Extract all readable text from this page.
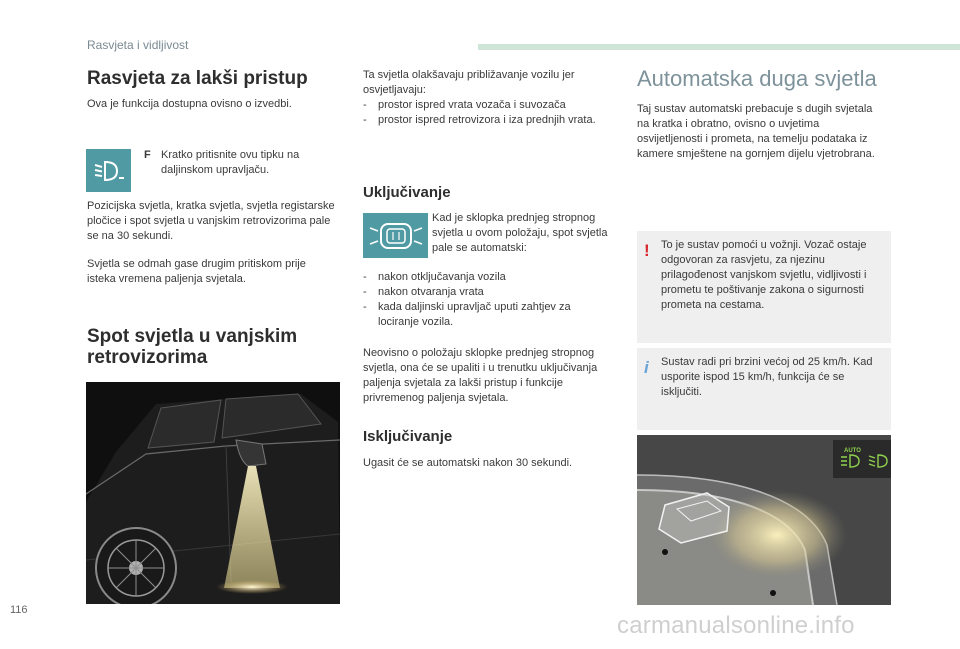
Rasvjeta i vidljivost
Rasvjeta za lakši pristup

Ova je funkcija dostupna ovisno o izvedbi.

F Kratko pritisnite ovu tipku na daljinskom upravljaču.

Pozicijska svjetla, kratka svjetla, svjetla registarske pločice i spot svjetla u vanjskim retrovizorima pale se na 30 sekundi.

Svjetla se odmah gase drugim pritiskom prije isteka vremena paljenja svjetala.

Spot svjetla u vanjskim retrovizorima

Ta svjetla olakšavaju približavanje vozilu jer osvjetljavaju:

- prostor ispred vrata vozača i suvozača
- prostor ispred retrovizora i iza prednjih vrata.
Uključivanje

Kad je sklopka prednjeg stropnog svjetla u ovom položaju, spot svjetla pale se automatski:

- nakon otključavanja vozila
- nakon otvaranja vrata
- kada daljinski upravljač uputi zahtjev za lociranje vozila.

Neovisno o položaju sklopke prednjeg stropnog svjetla, ona će se upaliti i u trenutku uključivanja paljenja svjetala za lakši pristup i funkcije privremenog paljenja svjetala.

Isključivanje

Ugasit će se automatski nakon 30 sekundi.

Automatska duga svjetla

Taj sustav automatski prebacuje s dugih svjetala na kratka i obratno, ovisno o uvjetima osvijetljenosti i prometa, na temelju podataka iz kamere smještene na gornjem dijelu vjetrobrana.

!	To je sustav pomoći u vožnji. Vozač ostaje odgovoran za rasvjetu, za njezinu prilagođenost vanjskom svjetlu, vidljivosti i prometu te poštivanje zakona o sigurnosti prometa na cestama.

i	Sustav radi pri brzini većoj od 25 km/h. Kad usporite ispod 15 km/h, funkcija će se isključiti.

AUTO
116
carmanualsonline.info
